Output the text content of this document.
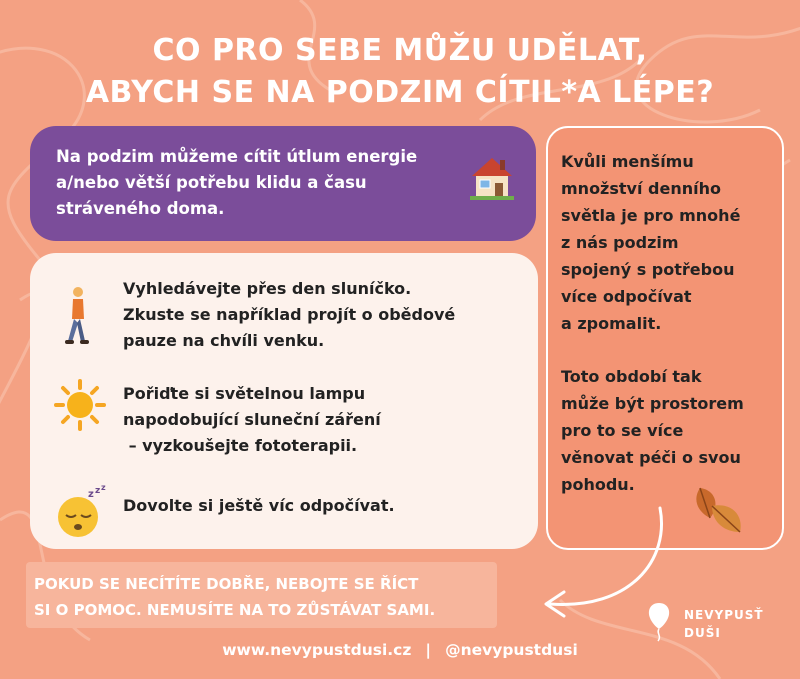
CO PRO SEBE MŮŽU UDĚLAT,
ABYCH SE NA PODZIM CÍTIL*A LÉPE?
Na podzim můžeme cítit útlum energie
a/nebo větší potřebu klidu a času
stráveného doma.
Vyhledávejte přes den sluníčko.
Zkuste se například projít o obědové
pauze na chvíli venku.
Pořiďte si světelnou lampu
napodobující sluneční záření
– vyzkoušejte fototerapii.
z z z
Dovolte si ještě víc odpočívat.
Kvůli menšímu
množství denního
světla je pro mnohé
z nás podzim
spojený s potřebou
více odpočívat
a zpomalit.
Toto období tak
může být prostorem
pro to se více
věnovat péči o svou
pohodu.
POKUD SE NECÍTÍTE DOBŘE, NEBOJTE SE ŘÍCT
SI O POMOC. NEMUSÍTE NA TO ZŮSTÁVAT SAMI.	NEVYPUSŤ
DUŠI
www.nevypustdusi.cz | @nevypustdusi
